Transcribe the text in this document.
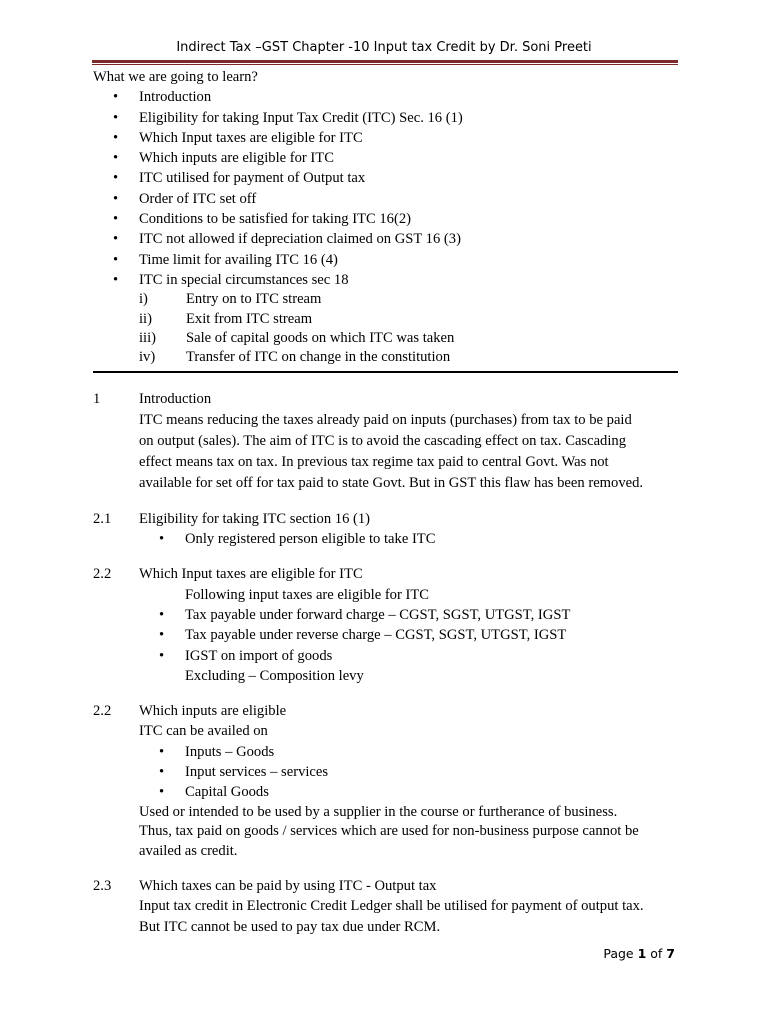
Indirect Tax –GST Chapter -10 Input tax Credit by Dr. Soni Preeti
What we are going to learn?
• Introduction
• Eligibility for taking Input Tax Credit (ITC) Sec. 16 (1)
• Which Input taxes are eligible for ITC
• Which inputs are eligible for ITC
• ITC utilised for payment of Output tax
• Order of ITC set off
• Conditions to be satisfied for taking ITC 16(2)
• ITC not allowed if depreciation claimed on GST 16 (3)
• Time limit for availing ITC 16 (4)
• ITC in special circumstances sec 18
i)	Entry on to ITC stream
ii) Exit from ITC stream
iii) Sale of capital goods on which ITC was taken
iv) Transfer of ITC on change in the constitution
1	Introduction
ITC means reducing the taxes already paid on inputs (purchases) from tax to be paid
on output (sales). The aim of ITC is to avoid the cascading effect on tax. Cascading
effect means tax on tax. In previous tax regime tax paid to central Govt. Was not
available for set off for tax paid to state Govt. But in GST this flaw has been removed.
2.1 Eligibility for taking ITC section 16 (1)
• Only registered person eligible to take ITC
2.2 Which Input taxes are eligible for ITC
Following input taxes are eligible for ITC
• Tax payable under forward charge – CGST, SGST, UTGST, IGST
• Tax payable under reverse charge – CGST, SGST, UTGST, IGST
• IGST on import of goods
Excluding – Composition levy
2.2 Which inputs are eligible
ITC can be availed on
• Inputs – Goods
• Input services – services
• Capital Goods
Used or intended to be used by a supplier in the course or furtherance of business.
Thus, tax paid on goods / services which are used for non-business purpose cannot be
availed as credit.
2.3 Which taxes can be paid by using ITC - Output tax
Input tax credit in Electronic Credit Ledger shall be utilised for payment of output tax.
But ITC cannot be used to pay tax due under RCM.
Page 1 of 7
